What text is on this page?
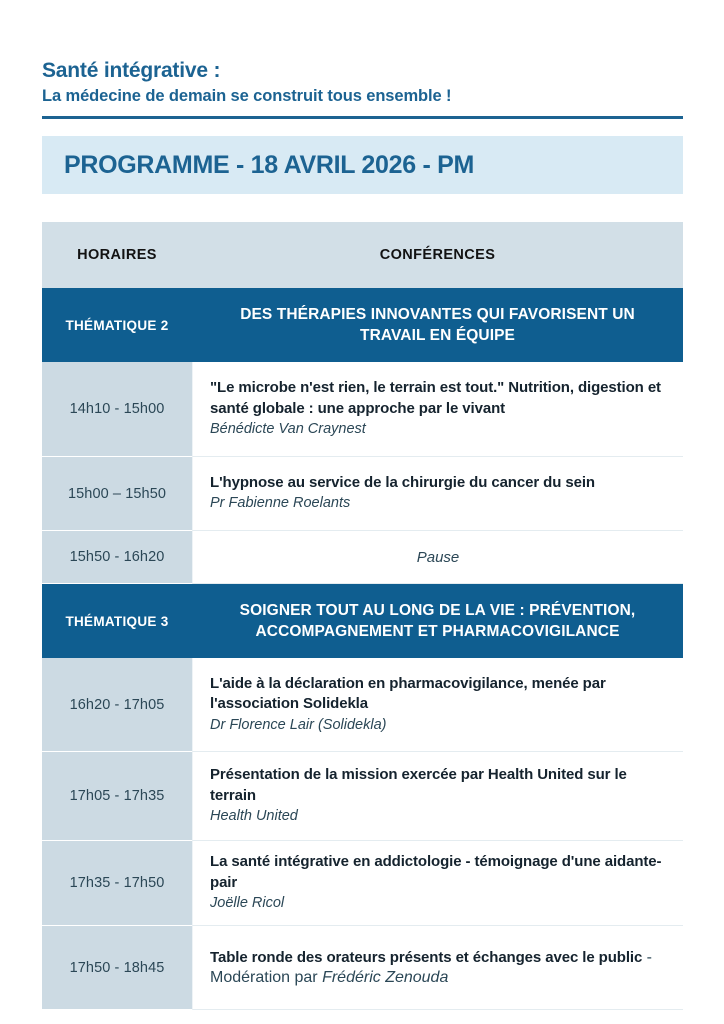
Santé intégrative :
La médecine de demain se construit tous ensemble !
PROGRAMME - 18 AVRIL 2026 - PM
HORAIRES	CONFÉRENCES
THÉMATIQUE 2
DES THÉRAPIES INNOVANTES QUI FAVORISENT UN TRAVAIL EN ÉQUIPE
14h10 - 15h00
"Le microbe n'est rien, le terrain est tout." Nutrition, digestion et santé globale : une approche par le vivant
Bénédicte Van Craynest
15h00 – 15h50
L'hypnose au service de la chirurgie du cancer du sein
Pr Fabienne Roelants
15h50 - 16h20	Pause
THÉMATIQUE 3
SOIGNER TOUT AU LONG DE LA VIE : PRÉVENTION, ACCOMPAGNEMENT ET PHARMACOVIGILANCE
16h20 - 17h05
L'aide à la déclaration en pharmacovigilance, menée par l'association Solidekla
Dr Florence Lair (Solidekla)
17h05 - 17h35
Présentation de la mission exercée par Health United sur le terrain
Health United
17h35 - 17h50
La santé intégrative en addictologie - témoignage d'une aidante-pair
Joëlle Ricol
17h50 - 18h45
Table ronde des orateurs présents et échanges avec le public - Modération par Frédéric Zenouda
